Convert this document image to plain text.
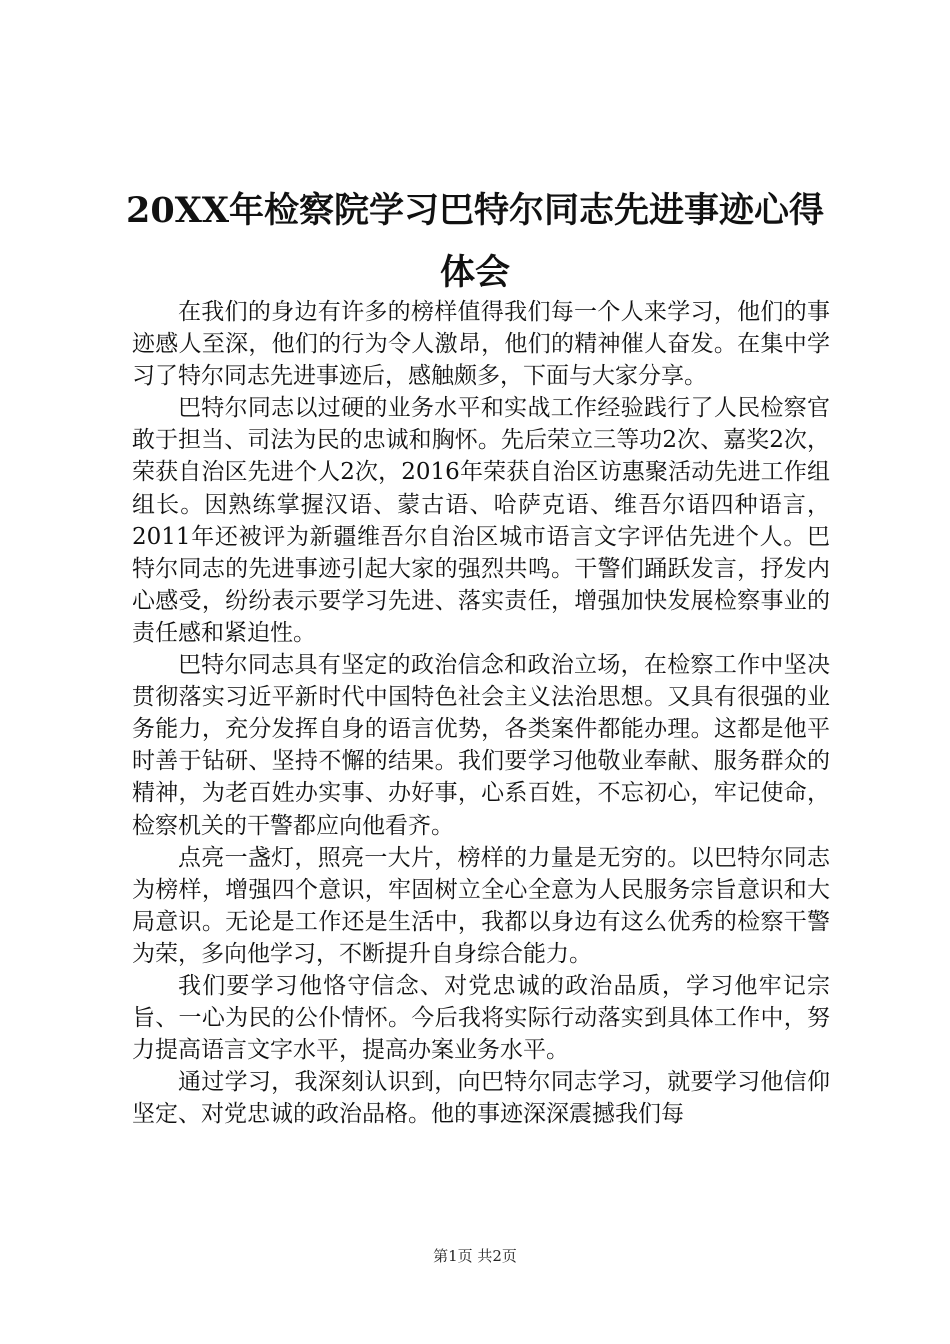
20XX年检察院学习巴特尔同志先进事迹心得体会

在我们的身边有许多的榜样值得我们每一个人来学习，他们的事迹感人至深，他们的行为令人激昂，他们的精神催人奋发。在集中学习了特尔同志先进事迹后，感触颇多，下面与大家分享。

巴特尔同志以过硬的业务水平和实战工作经验践行了人民检察官敢于担当、司法为民的忠诚和胸怀。先后荣立三等功2次、嘉奖2次，荣获自治区先进个人2次，2016年荣获自治区访惠聚活动先进工作组组长。因熟练掌握汉语、蒙古语、哈萨克语、维吾尔语四种语言，2011年还被评为新疆维吾尔自治区城市语言文字评估先进个人。巴特尔同志的先进事迹引起大家的强烈共鸣。干警们踊跃发言，抒发内心感受，纷纷表示要学习先进、落实责任，增强加快发展检察事业的责任感和紧迫性。

巴特尔同志具有坚定的政治信念和政治立场，在检察工作中坚决贯彻落实习近平新时代中国特色社会主义法治思想。又具有很强的业务能力，充分发挥自身的语言优势，各类案件都能办理。这都是他平时善于钻研、坚持不懈的结果。我们要学习他敬业奉献、服务群众的精神，为老百姓办实事、办好事，心系百姓，不忘初心，牢记使命，检察机关的干警都应向他看齐。

点亮一盏灯，照亮一大片，榜样的力量是无穷的。以巴特尔同志为榜样，增强四个意识，牢固树立全心全意为人民服务宗旨意识和大局意识。无论是工作还是生活中，我都以身边有这么优秀的检察干警为荣，多向他学习，不断提升自身综合能力。

我们要学习他恪守信念、对党忠诚的政治品质，学习他牢记宗旨、一心为民的公仆情怀。今后我将实际行动落实到具体工作中，努力提高语言文字水平，提高办案业务水平。

通过学习，我深刻认识到，向巴特尔同志学习，就要学习他信仰坚定、对党忠诚的政治品格。他的事迹深深震撼我们每

第1页 共2页
